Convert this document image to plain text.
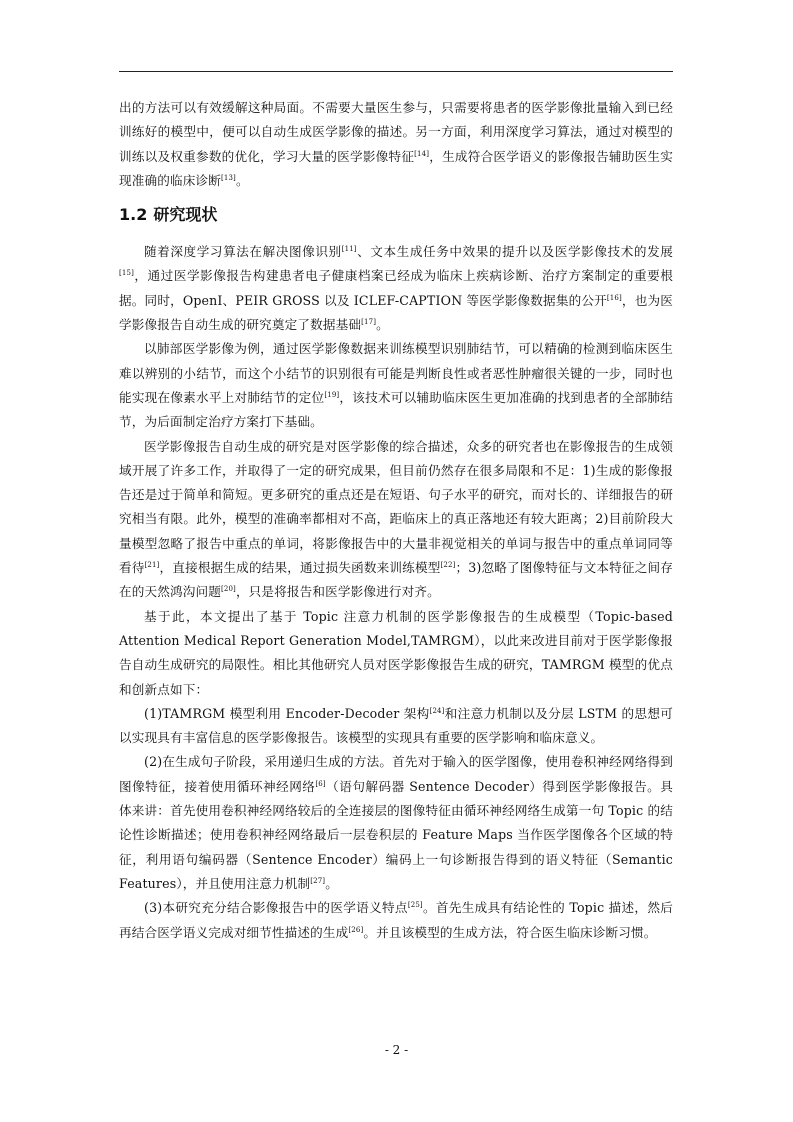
出的方法可以有效缓解这种局面。不需要大量医生参与，只需要将患者的医学影像批量输入到已经训练好的模型中，便可以自动生成医学影像的描述。另一方面，利用深度学习算法，通过对模型的训练以及权重参数的优化，学习大量的医学影像特征[14]，生成符合医学语义的影像报告辅助医生实现准确的临床诊断[13]。

1.2 研究现状

随着深度学习算法在解决图像识别[11]、文本生成任务中效果的提升以及医学影像技术的发展[15]，通过医学影像报告构建患者电子健康档案已经成为临床上疾病诊断、治疗方案制定的重要根据。同时，OpenI、PEIR GROSS 以及 ICLEF-CAPTION 等医学影像数据集的公开[16]，也为医学影像报告自动生成的研究奠定了数据基础[17]。

以肺部医学影像为例，通过医学影像数据来训练模型识别肺结节，可以精确的检测到临床医生难以辨别的小结节，而这个小结节的识别很有可能是判断良性或者恶性肿瘤很关键的一步，同时也能实现在像素水平上对肺结节的定位[19]，该技术可以辅助临床医生更加准确的找到患者的全部肺结节，为后面制定治疗方案打下基础。

医学影像报告自动生成的研究是对医学影像的综合描述，众多的研究者也在影像报告的生成领域开展了许多工作，并取得了一定的研究成果，但目前仍然存在很多局限和不足：1)生成的影像报告还是过于简单和简短。更多研究的重点还是在短语、句子水平的研究，而对长的、详细报告的研究相当有限。此外，模型的准确率都相对不高，距临床上的真正落地还有较大距离；2)目前阶段大量模型忽略了报告中重点的单词，将影像报告中的大量非视觉相关的单词与报告中的重点单词同等看待[21]，直接根据生成的结果，通过损失函数来训练模型[22]；3)忽略了图像特征与文本特征之间存在的天然鸿沟问题[20]，只是将报告和医学影像进行对齐。

基于此，本文提出了基于 Topic 注意力机制的医学影像报告的生成模型（Topic-based Attention Medical Report Generation Model,TAMRGM），以此来改进目前对于医学影像报告自动生成研究的局限性。相比其他研究人员对医学影像报告生成的研究，TAMRGM 模型的优点和创新点如下：

(1)TAMRGM 模型利用 Encoder-Decoder 架构[24]和注意力机制以及分层 LSTM 的思想可以实现具有丰富信息的医学影像报告。该模型的实现具有重要的医学影响和临床意义。

(2)在生成句子阶段，采用递归生成的方法。首先对于输入的医学图像，使用卷积神经网络得到图像特征，接着使用循环神经网络[6]（语句解码器 Sentence Decoder）得到医学影像报告。具体来讲：首先使用卷积神经网络较后的全连接层的图像特征由循环神经网络生成第一句 Topic 的结论性诊断描述；使用卷积神经网络最后一层卷积层的 Feature Maps 当作医学图像各个区域的特征，利用语句编码器（Sentence Encoder）编码上一句诊断报告得到的语义特征（Semantic Features），并且使用注意力机制[27]。

(3)本研究充分结合影像报告中的医学语义特点[25]。首先生成具有结论性的 Topic 描述，然后再结合医学语义完成对细节性描述的生成[26]。并且该模型的生成方法，符合医生临床诊断习惯。

- 2 -
